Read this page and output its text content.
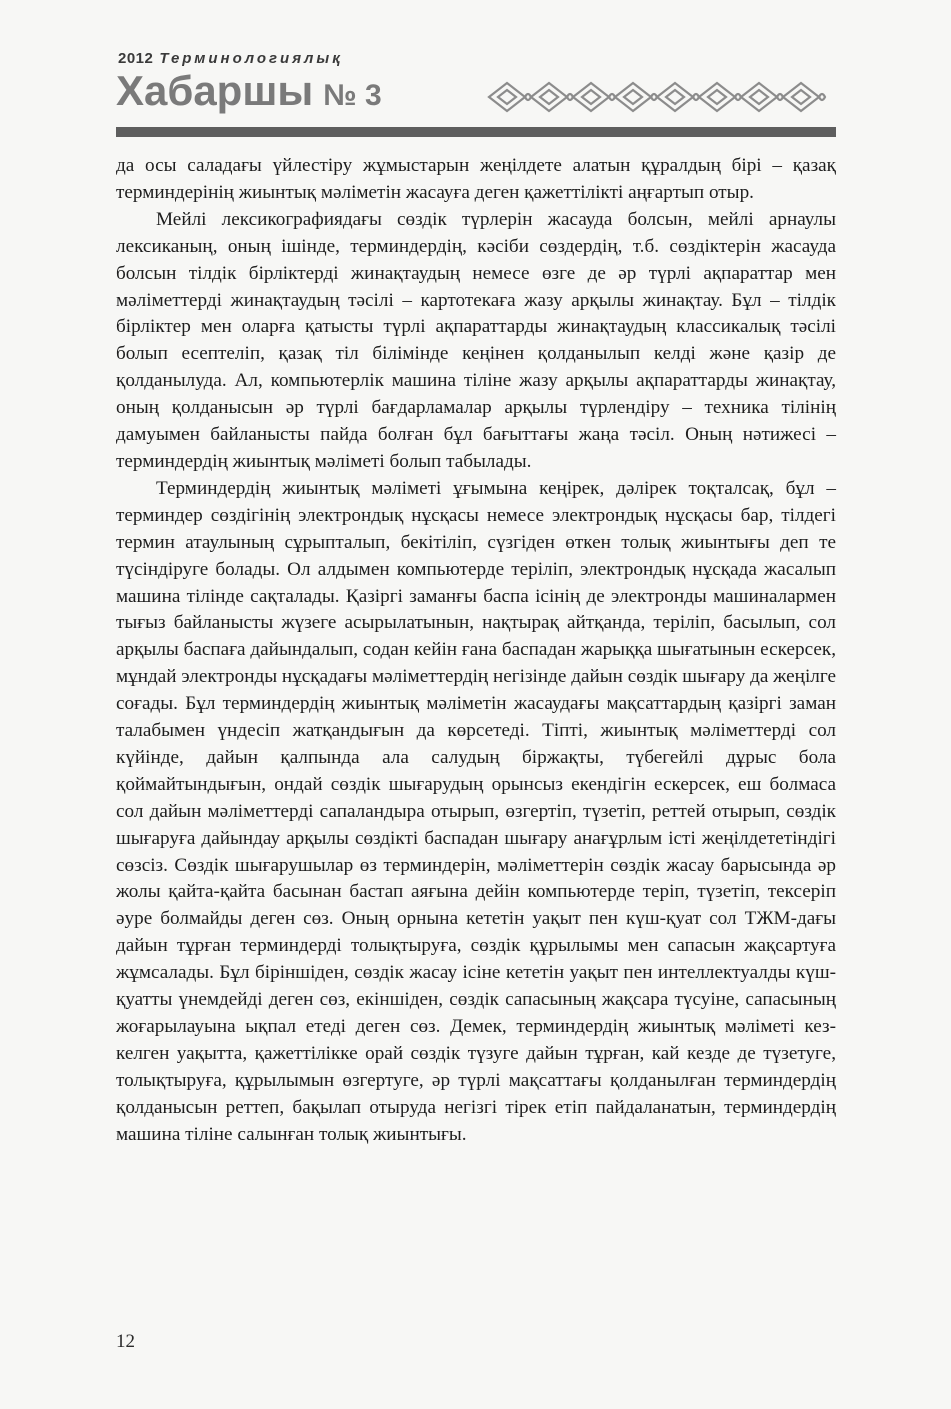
2012 Терминологиялық
Хабаршы № 3

да осы саладағы үйлестіру жұмыстарын жеңілдете алатын құралдың бірі – қазақ терминдерінің жиынтық мәліметін жасауға деген қажеттілікті аңғартып отыр.

Мейлі лексикографиядағы сөздік түрлерін жасауда болсын, мейлі арнаулы лексиканың, оның ішінде, терминдердің, кәсіби сөздердің, т.б. сөздіктерін жасауда болсын тілдік бірліктерді жинақтаудың немесе өзге де әр түрлі ақпараттар мен мәліметтерді жинақтаудың тәсілі – картотекаға жазу арқылы жинақтау. Бұл – тілдік бірліктер мен оларға қатысты түрлі ақпараттарды жинақтаудың классикалық тәсілі болып есептеліп, қазақ тіл білімінде кеңінен қолданылып келді және қазір де қолданылуда. Ал, компьютерлік машина тіліне жазу арқылы ақпараттарды жинақтау, оның қолданысын әр түрлі бағдарламалар арқылы түрлендіру – техника тілінің дамуымен байланысты пайда болған бұл бағыттағы жаңа тәсіл. Оның нәтижесі – терминдердің жиынтық мәліметі болып табылады.

Терминдердің жиынтық мәліметі ұғымына кеңірек, дәлірек тоқталсақ, бұл – терминдер сөздігінің электрондық нұсқасы немесе электрондық нұсқасы бар, тілдегі термин атаулының сұрыпталып, бекітіліп, сүзгіден өткен толық жиынтығы деп те түсіндіруге болады. Ол алдымен компьютерде теріліп, электрондық нұсқада жасалып машина тілінде сақталады. Қазіргі заманғы баспа ісінің де электронды машиналармен тығыз байланысты жүзеге асырылатынын, нақтырақ айтқанда, теріліп, басылып, сол арқылы баспаға дайындалып, содан кейін ғана баспадан жарыққа шығатынын ескерсек, мұндай электронды нұсқадағы мәліметтердің негізінде дайын сөздік шығару да жеңілге соғады. Бұл терминдердің жиынтық мәліметін жасаудағы мақсаттардың қазіргі заман талабымен үндесіп жатқандығын да көрсетеді. Тіпті, жиынтық мәліметтерді сол күйінде, дайын қалпында ала салудың біржақты, түбегейлі дұрыс бола қоймайтындығын, ондай сөздік шығарудың орынсыз екендігін ескерсек, еш болмаса сол дайын мәліметтерді сапаландыра отырып, өзгертіп, түзетіп, реттей отырып, сөздік шығаруға дайындау арқылы сөздікті баспадан шығару анағұрлым істі жеңілдететіндігі сөзсіз. Сөздік шығарушылар өз терминдерін, мәліметтерін сөздік жасау барысында әр жолы қайта-қайта басынан бастап аяғына дейін компьютерде теріп, түзетіп, тексеріп әуре болмайды деген сөз. Оның орнына кететін уақыт пен күш-қуат сол ТЖМ-дағы дайын тұрған терминдерді толықтыруға, сөздік құрылымы мен сапасын жақсартуға жұмсалады. Бұл біріншіден, сөздік жасау ісіне кететін уақыт пен интеллектуалды күш-қуатты үнемдейді деген сөз, екіншіден, сөздік сапасының жақсара түсуіне, сапасының жоғарылауына ықпал етеді деген сөз. Демек, терминдердің жиынтық мәліметі кез-келген уақытта, қажеттілікке орай сөздік түзуге дайын тұрған, кай кезде де түзетуге, толықтыруға, құрылымын өзгертуге, әр түрлі мақсаттағы қолданылған терминдердің қолданысын реттеп, бақылап отыруда негізгі тірек етіп пайдаланатын, терминдердің машина тіліне салынған толық жиынтығы.

12
